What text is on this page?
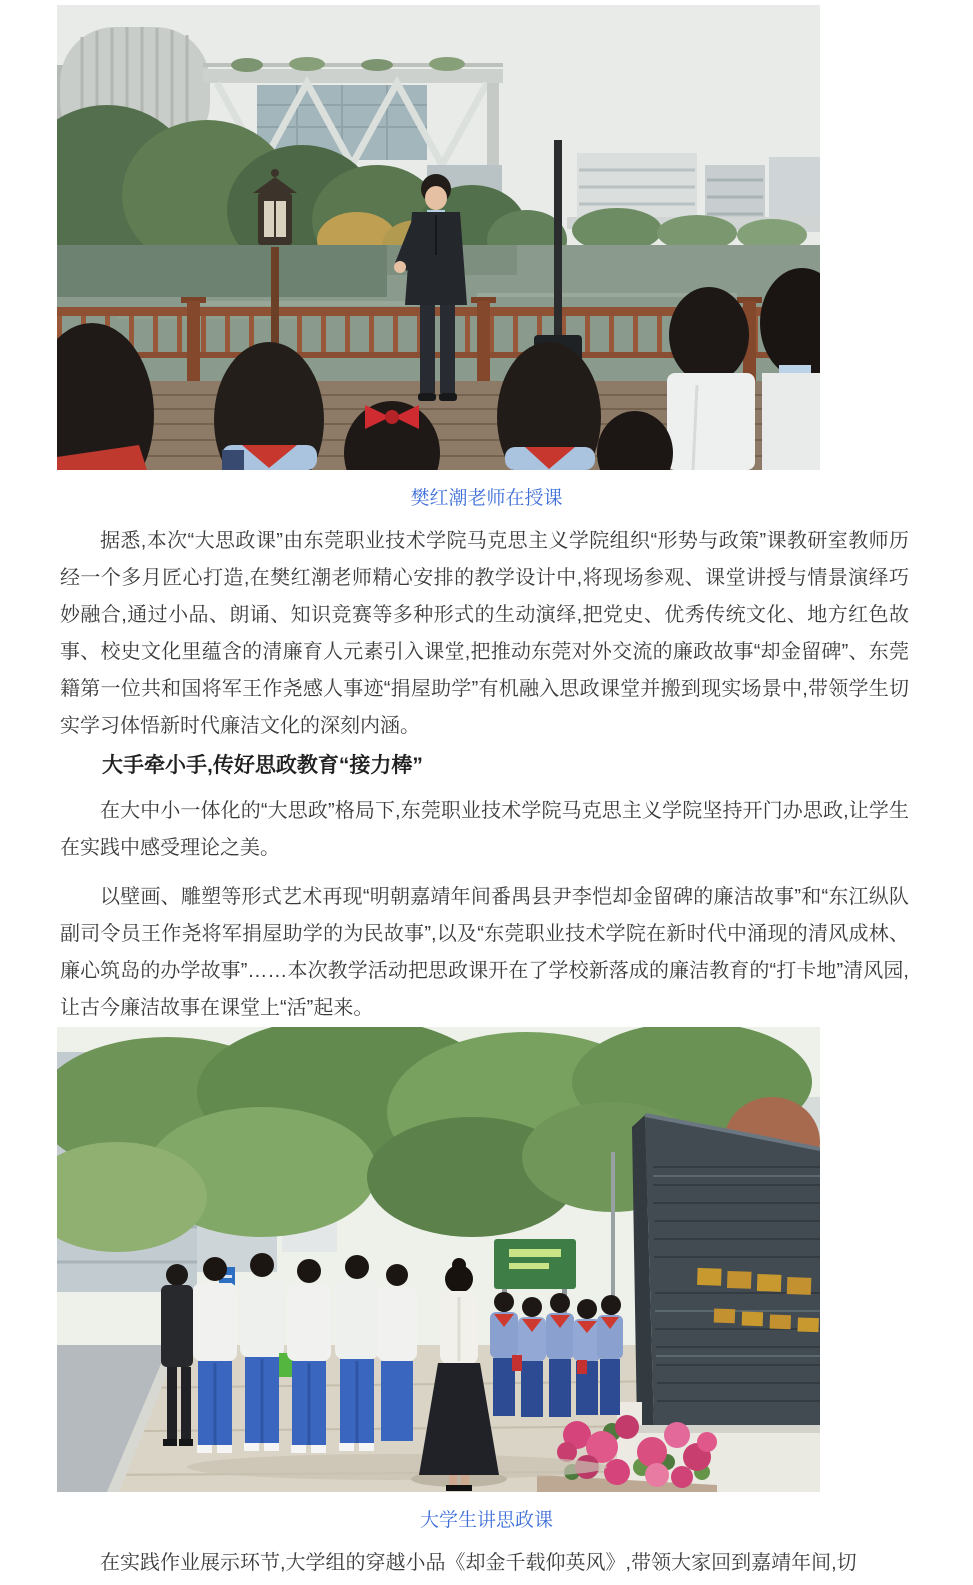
樊红潮老师在授课

据悉,本次“大思政课”由东莞职业技术学院马克思主义学院组织“形势与政策”课教研室教师历经一个多月匠心打造,在樊红潮老师精心安排的教学设计中,将现场参观、课堂讲授与情景演绎巧妙融合,通过小品、朗诵、知识竞赛等多种形式的生动演绎,把党史、优秀传统文化、地方红色故事、校史文化里蕴含的清廉育人元素引入课堂,把推动东莞对外交流的廉政故事“却金留碑”、东莞籍第一位共和国将军王作尧感人事迹“捐屋助学”有机融入思政课堂并搬到现实场景中,带领学生切实学习体悟新时代廉洁文化的深刻内涵。

大手牵小手,传好思政教育“接力棒”

在大中小一体化的“大思政”格局下,东莞职业技术学院马克思主义学院坚持开门办思政,让学生在实践中感受理论之美。

以壁画、雕塑等形式艺术再现“明朝嘉靖年间番禺县尹李恺却金留碑的廉洁故事”和“东江纵队副司令员王作尧将军捐屋助学的为民故事”,以及“东莞职业技术学院在新时代中涌现的清风成林、廉心筑岛的办学故事”……本次教学活动把思政课开在了学校新落成的廉洁教育的“打卡地”清风园,让古今廉洁故事在课堂上“活”起来。

大学生讲思政课

在实践作业展示环节,大学组的穿越小品《却金千载仰英风》,带领大家回到嘉靖年间,切
